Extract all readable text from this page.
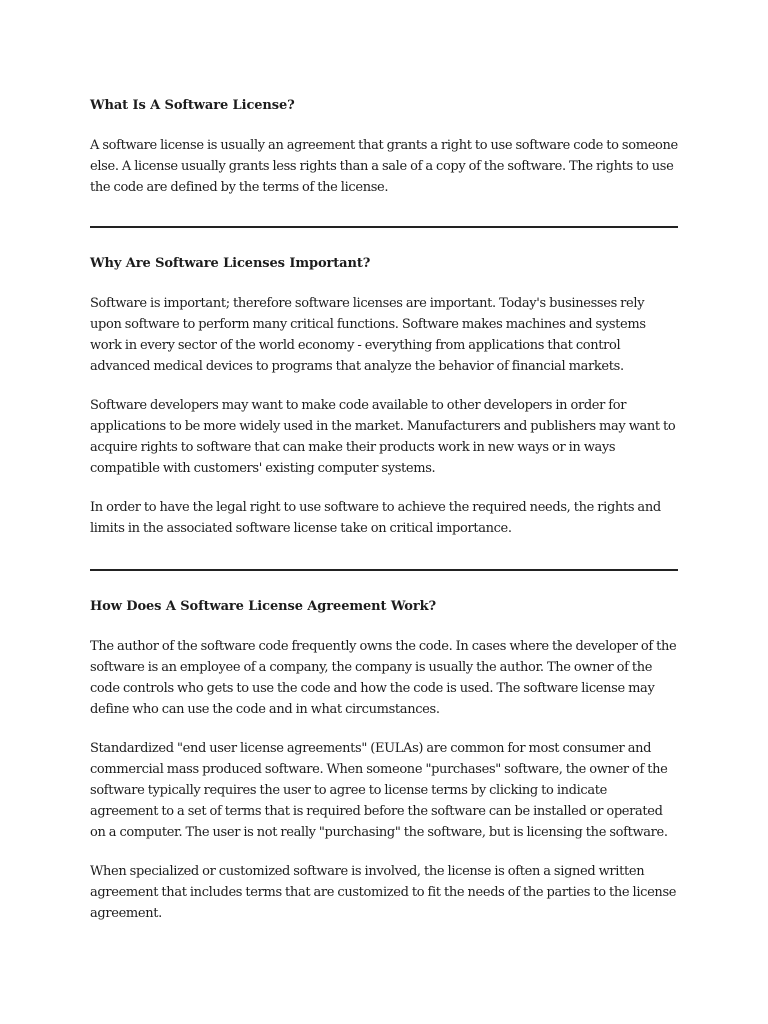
What Is A Software License?

A software license is usually an agreement that grants a right to use software code to someone else. A license usually grants less rights than a sale of a copy of the software. The rights to use the code are defined by the terms of the license.

Why Are Software Licenses Important?

Software is important; therefore software licenses are important. Today's businesses rely upon software to perform many critical functions. Software makes machines and systems work in every sector of the world economy - everything from applications that control advanced medical devices to programs that analyze the behavior of financial markets.

Software developers may want to make code available to other developers in order for applications to be more widely used in the market. Manufacturers and publishers may want to acquire rights to software that can make their products work in new ways or in ways compatible with customers' existing computer systems.

In order to have the legal right to use software to achieve the required needs, the rights and limits in the associated software license take on critical importance.

How Does A Software License Agreement Work?

The author of the software code frequently owns the code. In cases where the developer of the software is an employee of a company, the company is usually the author. The owner of the code controls who gets to use the code and how the code is used. The software license may define who can use the code and in what circumstances.

Standardized "end user license agreements" (EULAs) are common for most consumer and commercial mass produced software. When someone "purchases" software, the owner of the software typically requires the user to agree to license terms by clicking to indicate agreement to a set of terms that is required before the software can be installed or operated on a computer. The user is not really "purchasing" the software, but is licensing the software.

When specialized or customized software is involved, the license is often a signed written agreement that includes terms that are customized to fit the needs of the parties to the license agreement.
